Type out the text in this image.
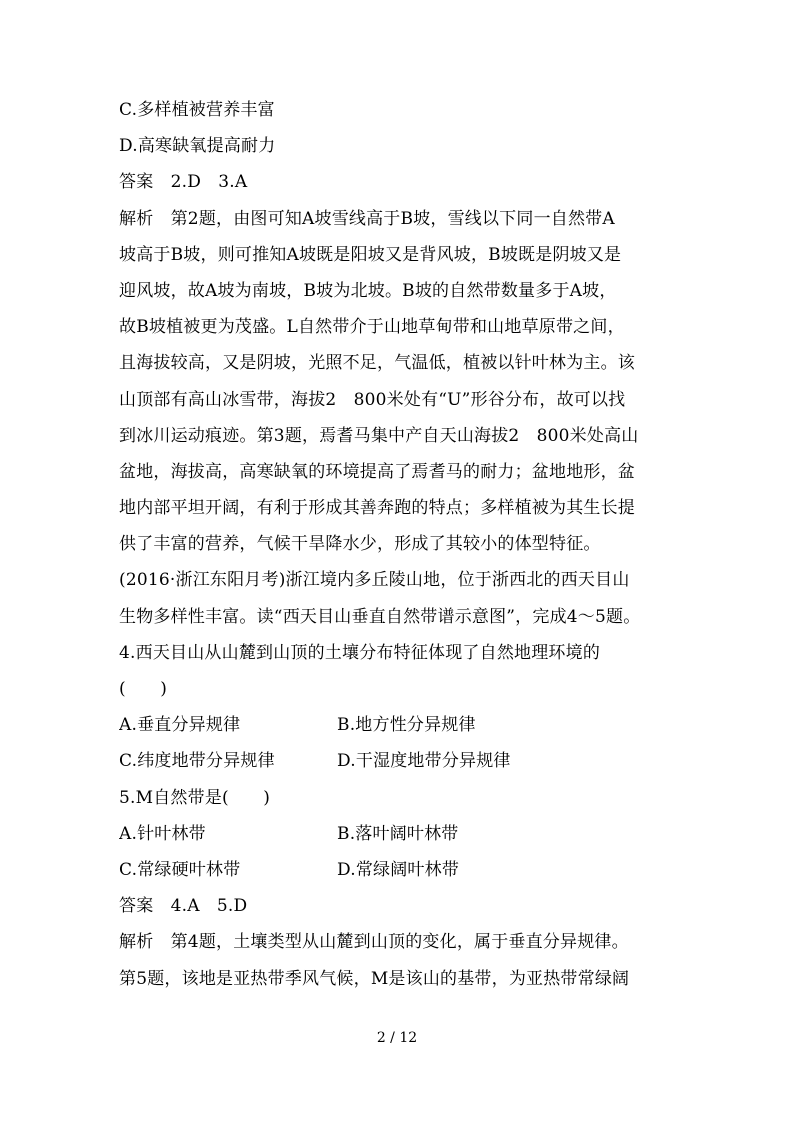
C.多样植被营养丰富
D.高寒缺氧提高耐力
答案　2.D　3.A
解析　第2题，由图可知A坡雪线高于B坡，雪线以下同一自然带A
坡高于B坡，则可推知A坡既是阳坡又是背风坡，B坡既是阴坡又是
迎风坡，故A坡为南坡，B坡为北坡。B坡的自然带数量多于A坡，
故B坡植被更为茂盛。L自然带介于山地草甸带和山地草原带之间，
且海拔较高，又是阴坡，光照不足，气温低，植被以针叶林为主。该
山顶部有高山冰雪带，海拔2　800米处有“U”形谷分布，故可以找
到冰川运动痕迹。第3题，焉耆马集中产自天山海拔2　800米处高山
盆地，海拔高，高寒缺氧的环境提高了焉耆马的耐力；盆地地形，盆
地内部平坦开阔，有利于形成其善奔跑的特点；多样植被为其生长提
供了丰富的营养，气候干旱降水少，形成了其较小的体型特征。
(2016·浙江东阳月考)浙江境内多丘陵山地，位于浙西北的西天目山
生物多样性丰富。读“西天目山垂直自然带谱示意图”，完成4～5题。
4.西天目山从山麓到山顶的土壤分布特征体现了自然地理环境的
(　　)
A.垂直分异规律	B.地方性分异规律
C.纬度地带分异规律	D.干湿度地带分异规律
5.M自然带是(　　)
A.针叶林带	B.落叶阔叶林带
C.常绿硬叶林带	D.常绿阔叶林带
答案　4.A　5.D
解析　第4题，土壤类型从山麓到山顶的变化，属于垂直分异规律。
第5题，该地是亚热带季风气候，M是该山的基带，为亚热带常绿阔
2 / 12
